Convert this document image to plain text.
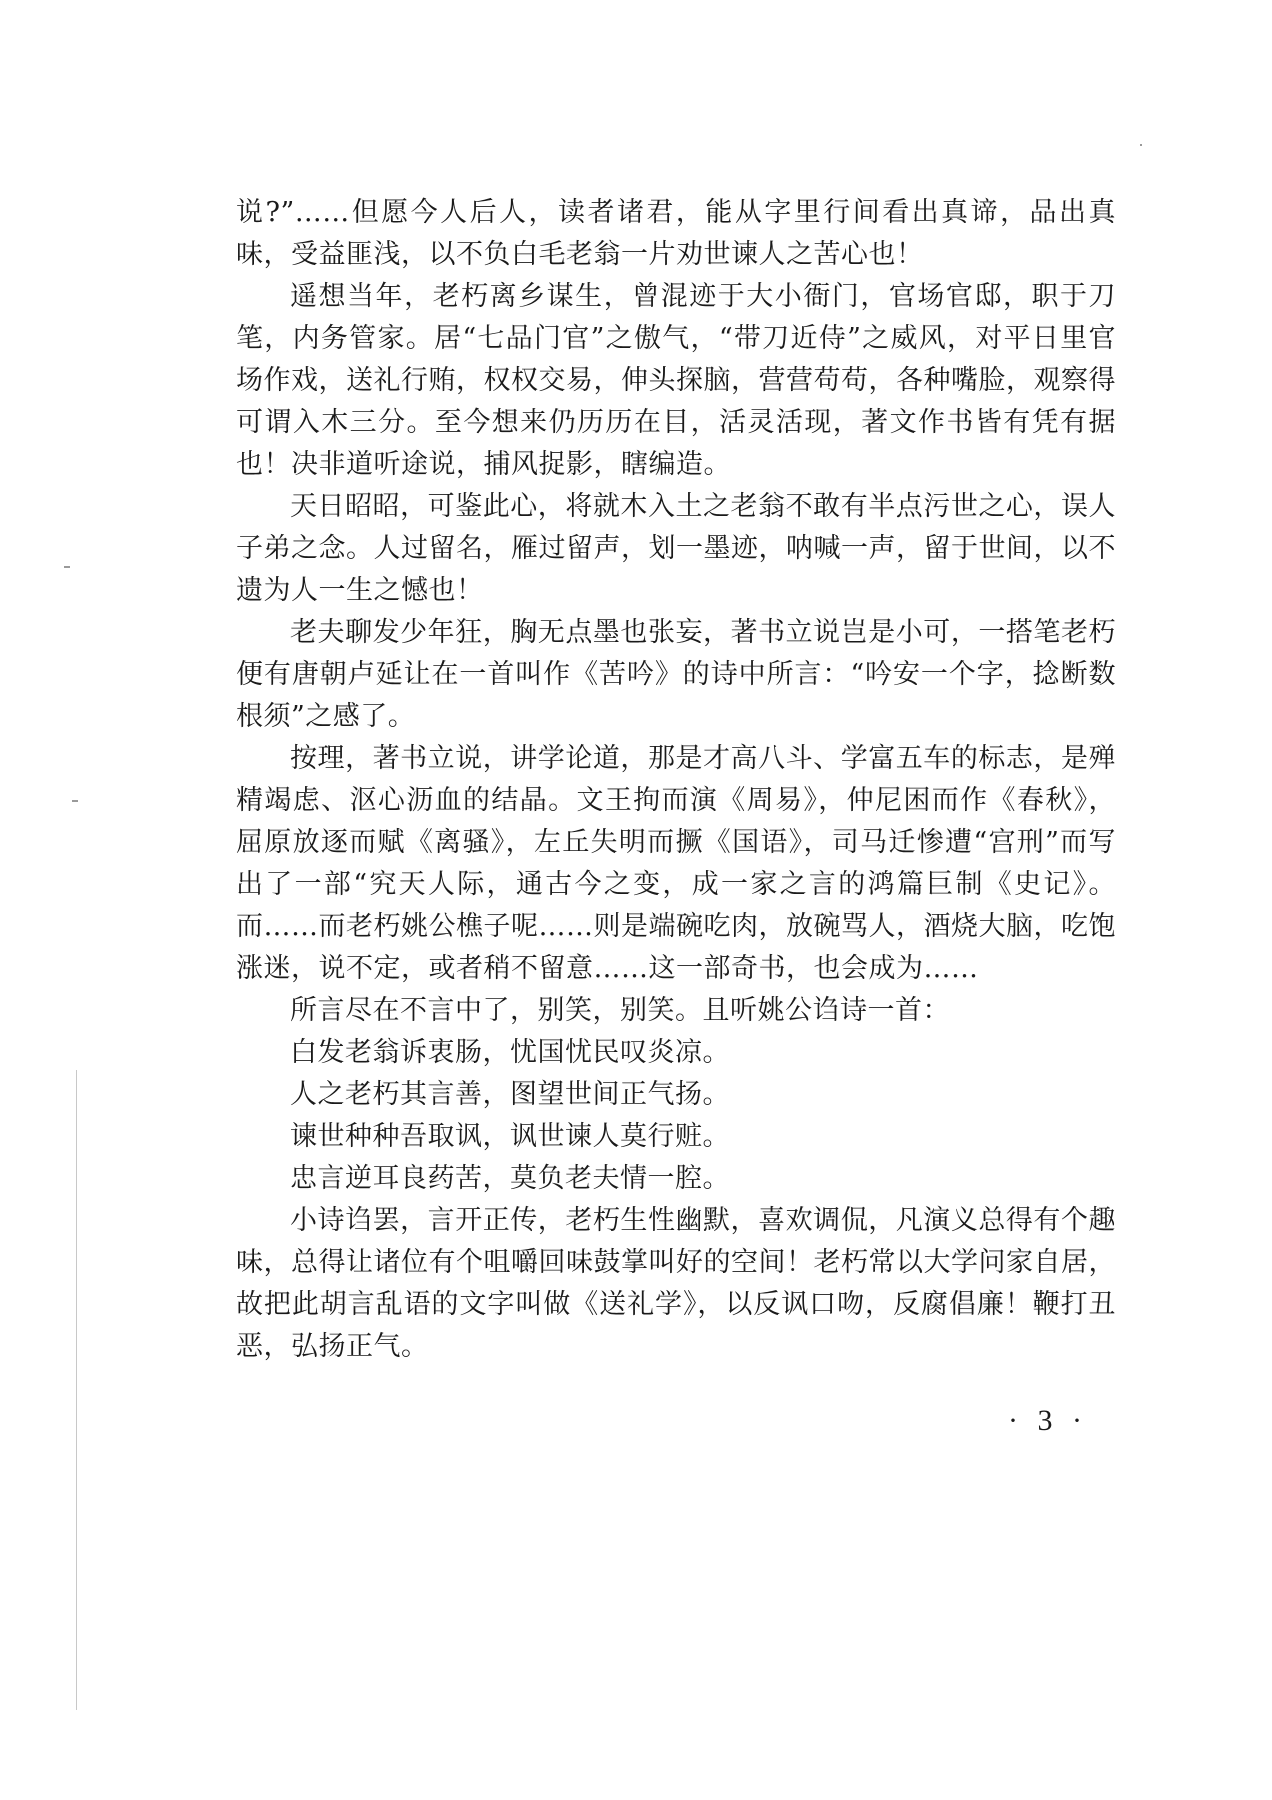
说?”……但愿今人后人，读者诸君，能从字里行间看出真谛，品出真味，受益匪浅，以不负白毛老翁一片劝世谏人之苦心也！

遥想当年，老朽离乡谋生，曾混迹于大小衙门，官场官邸，职于刀笔，内务管家。居“七品门官”之傲气，“带刀近侍”之威风，对平日里官场作戏，送礼行贿，权权交易，伸头探脑，营营苟苟，各种嘴脸，观察得可谓入木三分。至今想来仍历历在目，活灵活现，著文作书皆有凭有据也！决非道听途说，捕风捉影，瞎编造。

天日昭昭，可鉴此心，将就木入土之老翁不敢有半点污世之心，误人子弟之念。人过留名，雁过留声，划一墨迹，呐喊一声，留于世间，以不遗为人一生之憾也！

老夫聊发少年狂，胸无点墨也张妄，著书立说岂是小可，一搭笔老朽便有唐朝卢延让在一首叫作《苦吟》的诗中所言：“吟安一个字，捻断数根须”之感了。

按理，著书立说，讲学论道，那是才高八斗、学富五车的标志，是殚精竭虑、沤心沥血的结晶。文王拘而演《周易》，仲尼困而作《春秋》，屈原放逐而赋《离骚》，左丘失明而撅《国语》，司马迁惨遭“宫刑”而写出了一部“究天人际，通古今之变，成一家之言的鸿篇巨制《史记》。而……而老朽姚公樵子呢……则是端碗吃肉，放碗骂人，酒烧大脑，吃饱涨迷，说不定，或者稍不留意……这一部奇书，也会成为……

所言尽在不言中了，别笑，别笑。且听姚公诌诗一首：

白发老翁诉衷肠，忧国忧民叹炎凉。

人之老朽其言善，图望世间正气扬。

谏世种种吾取讽，讽世谏人莫行赃。

忠言逆耳良药苦，莫负老夫情一腔。

小诗诌罢，言开正传，老朽生性幽默，喜欢调侃，凡演义总得有个趣味，总得让诸位有个咀嚼回味鼓掌叫好的空间！老朽常以大学问家自居，故把此胡言乱语的文字叫做《送礼学》，以反讽口吻，反腐倡廉！鞭打丑恶，弘扬正气。

· 3 ·
